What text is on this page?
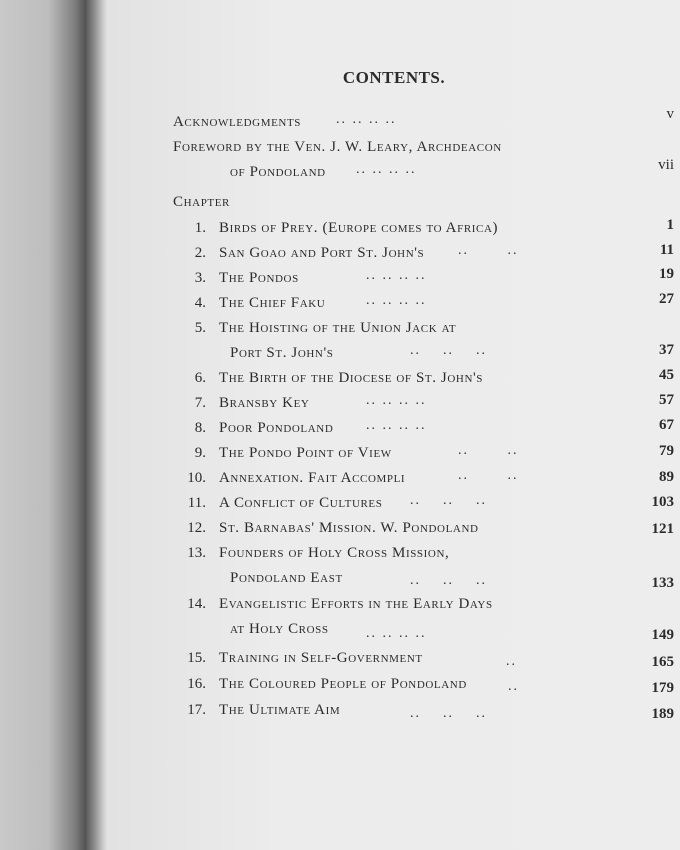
CONTENTS.
Acknowledgments	.. .. .. ..	v
Foreword by the Ven. J. W. Leary, Archdeacon
of Pondoland .. .. .. ..	vii
Chapter
1. Birds of Prey. (Europe comes to Africa)	1
2. San Goao and Port St. John's ..       ..	11
3. The Pondos	.. .. .. ..	19
4. The Chief Faku	.. .. .. ..	27
5. The Hoisting of the Union Jack at
Port St. John's	..    ..    ..	37
6. The Birth of the Diocese of St. John's	45
7. Bransby Key	.. .. .. ..	57
8. Poor Pondoland .. .. .. ..	67
9. The Pondo Point of View	..       ..	79
10. Annexation. Fait Accompli	..       ..	89
11. A Conflict of Cultures ..    ..    ..	103
12. St. Barnabas' Mission. W. Pondoland	121
13. Founders of Holy Cross Mission,
Pondoland East	..    ..    ..	133
14. Evangelistic Efforts in the Early Days
at Holy Cross	.. .. .. ..	149
15. Training in Self-Government	..	165
16. The Coloured People of Pondoland	..	179
17. The Ultimate Aim	..    ..    ..	189
